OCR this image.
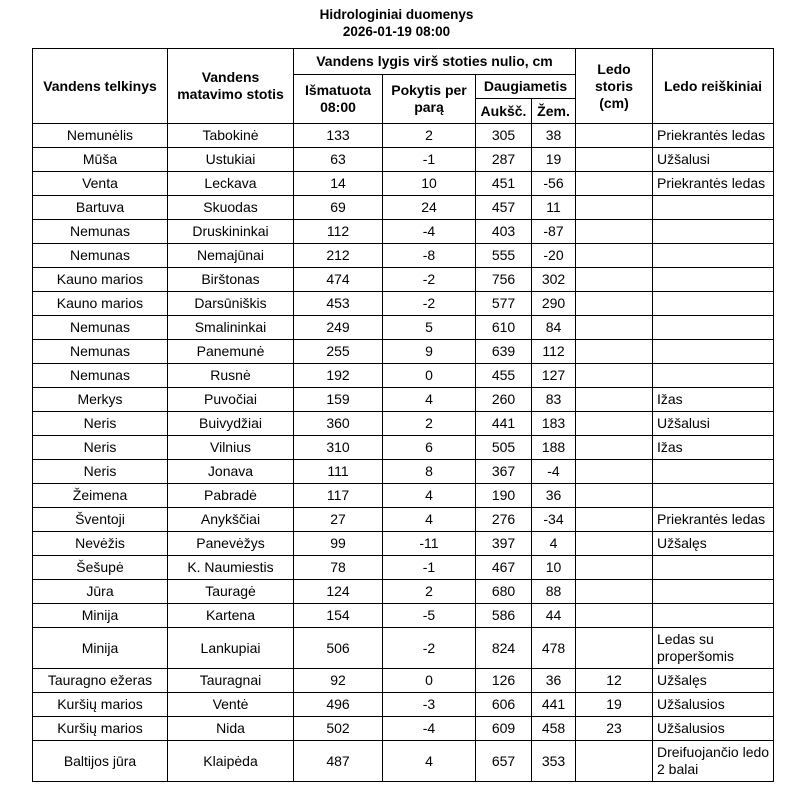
Hidrologiniai duomenys
2026-01-19 08:00
Vandens telkinys	Vandens matavimo stotis	Vandens lygis virš stoties nulio, cm				Ledo storis (cm)	Ledo reiškiniai
		Išmatuota 08:00	Pokytis per parą	Daugiametis			
				Aukšč.	Žem.		
Nemunėlis	Tabokinė	133	2	305	38		Priekrantės ledas
Mūša	Ustukiai	63	-1	287	19		Užšalusi
Venta	Leckava	14	10	451	-56		Priekrantės ledas
Bartuva	Skuodas	69	24	457	11		
Nemunas	Druskininkai	112	-4	403	-87		
Nemunas	Nemajūnai	212	-8	555	-20		
Kauno marios	Birštonas	474	-2	756	302		
Kauno marios	Darsūniškis	453	-2	577	290		
Nemunas	Smalininkai	249	5	610	84		
Nemunas	Panemunė	255	9	639	112		
Nemunas	Rusnė	192	0	455	127		
Merkys	Puvočiai	159	4	260	83		Ižas
Neris	Buivydžiai	360	2	441	183		Užšalusi
Neris	Vilnius	310	6	505	188		Ižas
Neris	Jonava	111	8	367	-4		
Žeimena	Pabradė	117	4	190	36		
Šventoji	Anykščiai	27	4	276	-34		Priekrantės ledas
Nevėžis	Panevėžys	99	-11	397	4		Užšalęs
Šešupė	K. Naumiestis	78	-1	467	10		
Jūra	Tauragė	124	2	680	88		
Minija	Kartena	154	-5	586	44		
Minija	Lankupiai	506	-2	824	478		Ledas su properšomis
Tauragno ežeras	Tauragnai	92	0	126	36	12	Užšalęs
Kuršių marios	Ventė	496	-3	606	441	19	Užšalusios
Kuršių marios	Nida	502	-4	609	458	23	Užšalusios
Baltijos jūra	Klaipėda	487	4	657	353		Dreifuojančio ledo 2 balai
